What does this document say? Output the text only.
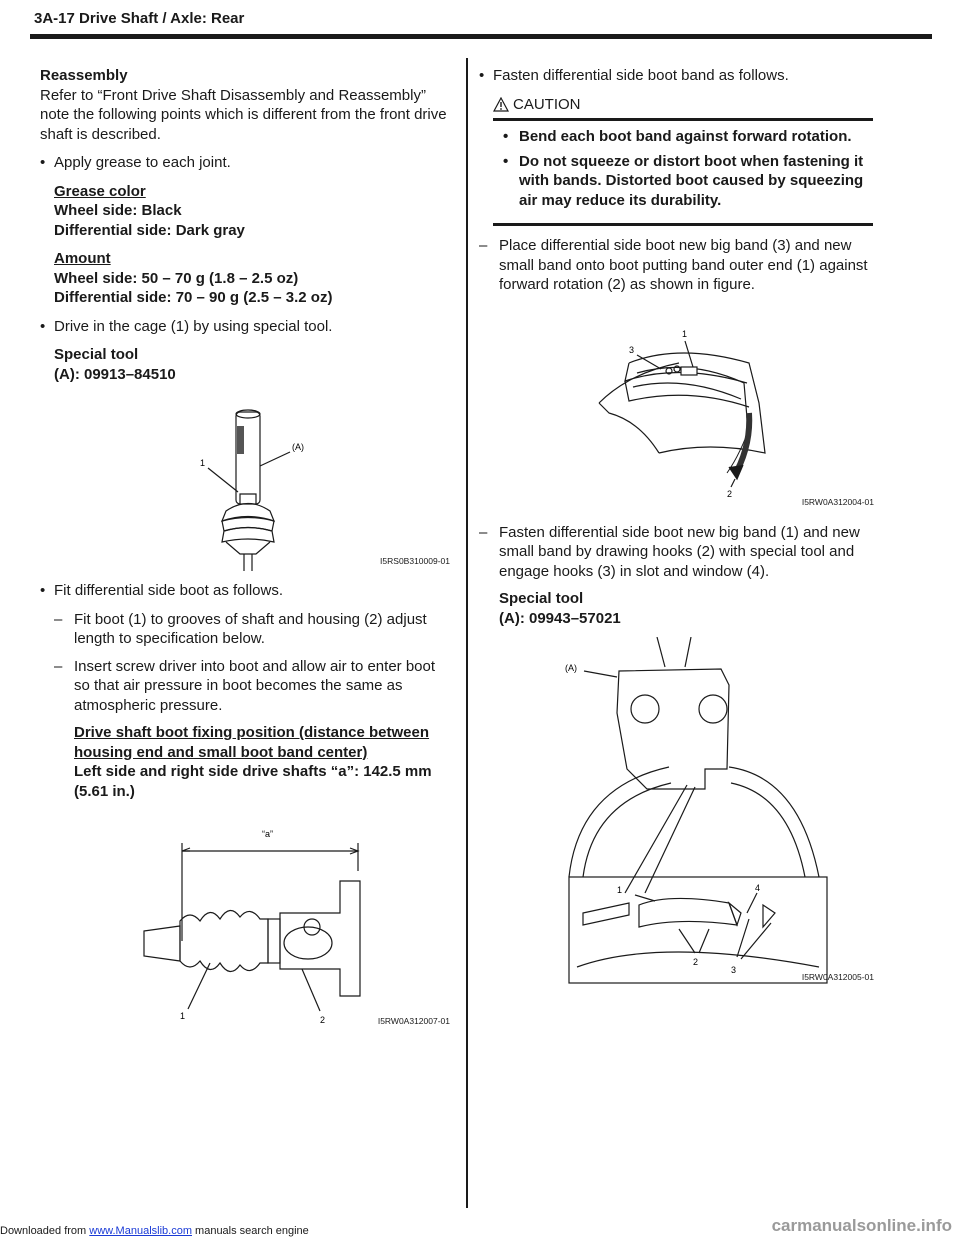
3A-17 Drive Shaft / Axle: Rear

Reassembly

Refer to “Front Drive Shaft Disassembly and Reassembly” note the following points which is different from the front drive shaft is described.

• Apply grease to each joint.

Grease color

Wheel side: Black

Differential side: Dark gray

Amount

Wheel side: 50 – 70 g (1.8 – 2.5 oz)

Differential side: 70 – 90 g (2.5 – 3.2 oz)

• Drive in the cage (1) by using special tool.

Special tool

(A): 09913–84510

(A)
1
I5RS0B310009-01
• Fit differential side boot as follows.
– Fit boot (1) to grooves of shaft and housing (2) adjust length to specification below.
– Insert screw driver into boot and allow air to enter boot so that air pressure in boot becomes the same as atmospheric pressure.

Drive shaft boot fixing position (distance between housing end and small boot band center)

Left side and right side drive shafts “a”: 142.5 mm (5.61 in.)

“a”
1	2	I5RW0A312007-01
• Fasten differential side boot band as follows.
CAUTION
• Bend each boot band against forward rotation.
• Do not squeeze or distort boot when fastening it with bands. Distorted boot caused by squeezing air may reduce its durability.
– Place differential side boot new big band (3) and new small band onto boot putting band outer end (1) against forward rotation (2) as shown in figure.
1
3
2
I5RW0A312004-01
– Fasten differential side boot new big band (1) and new small band by drawing hooks (2) with special tool and engage hooks (3) in slot and window (4).

Special tool

(A): 09943–57021

(A)
1	4
2
3
I5RW0A312005-01
Downloaded from www.Manualslib.com manuals search engine	carmanualsonline.info
